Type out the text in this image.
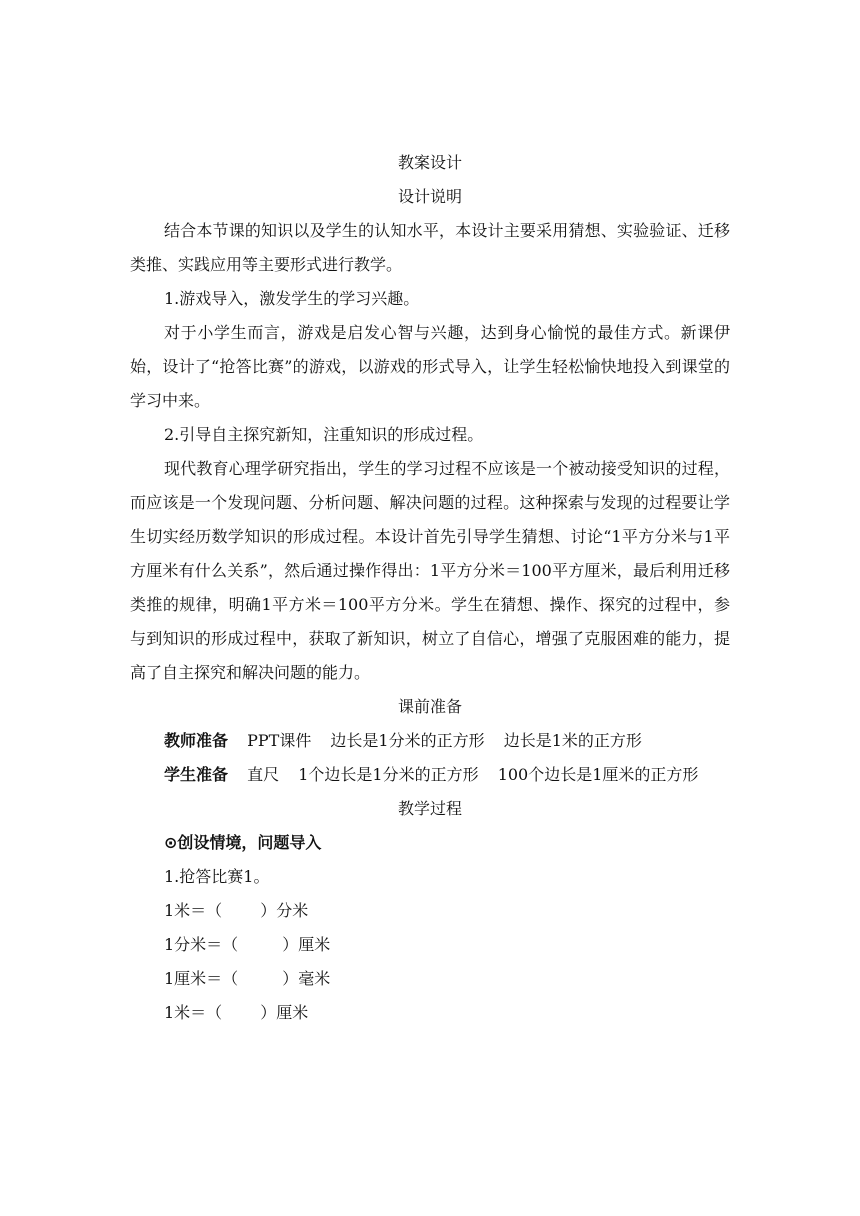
教案设计
设计说明
结合本节课的知识以及学生的认知水平，本设计主要采用猜想、实验验证、迁移类推、实践应用等主要形式进行教学。
1.游戏导入，激发学生的学习兴趣。
对于小学生而言，游戏是启发心智与兴趣，达到身心愉悦的最佳方式。新课伊始，设计了“抢答比赛”的游戏，以游戏的形式导入，让学生轻松愉快地投入到课堂的学习中来。
2.引导自主探究新知，注重知识的形成过程。
现代教育心理学研究指出，学生的学习过程不应该是一个被动接受知识的过程，而应该是一个发现问题、分析问题、解决问题的过程。这种探索与发现的过程要让学生切实经历数学知识的形成过程。本设计首先引导学生猜想、讨论“1平方分米与1平方厘米有什么关系”，然后通过操作得出：1平方分米＝100平方厘米，最后利用迁移类推的规律，明确1平方米＝100平方分米。学生在猜想、操作、探究的过程中，参与到知识的形成过程中，获取了新知识，树立了自信心，增强了克服困难的能力，提高了自主探究和解决问题的能力。
课前准备
教师准备 PPT课件 边长是1分米的正方形 边长是1米的正方形
学生准备 直尺 1个边长是1分米的正方形 100个边长是1厘米的正方形
教学过程
⊙创设情境，问题导入
1.抢答比赛1。
1米＝（ ）分米
1分米＝（	）厘米
1厘米＝（	）毫米
1米＝（ ）厘米
